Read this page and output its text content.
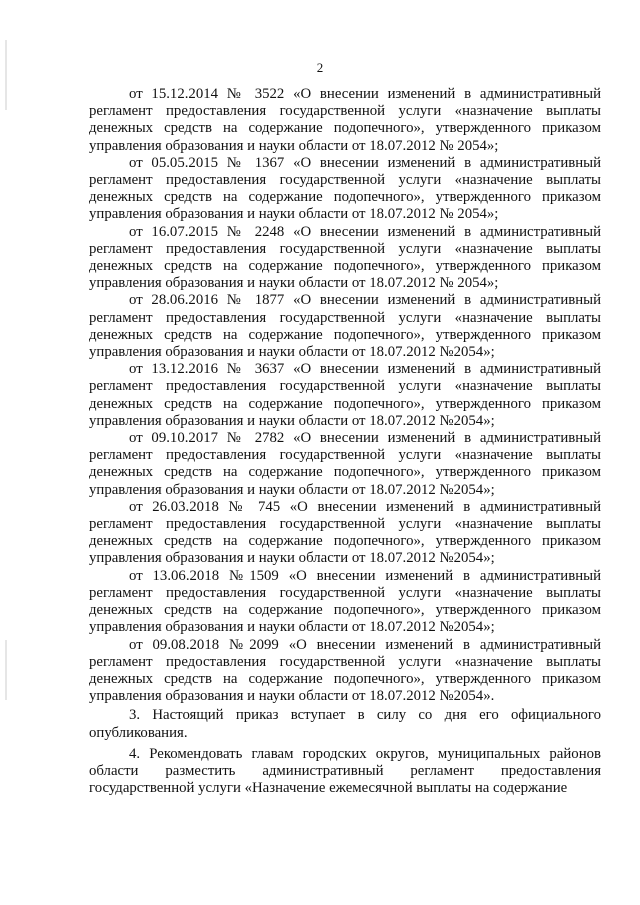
2

от 15.12.2014 № 3522 «О внесении изменений в административный регламент предоставления государственной услуги «назначение выплаты денежных средств на содержание подопечного», утвержденного приказом управления образования и науки области от 18.07.2012 № 2054»;

от 05.05.2015 № 1367 «О внесении изменений в административный регламент предоставления государственной услуги «назначение выплаты денежных средств на содержание подопечного», утвержденного приказом управления образования и науки области от 18.07.2012 № 2054»;

от 16.07.2015 № 2248 «О внесении изменений в административный регламент предоставления государственной услуги «назначение выплаты денежных средств на содержание подопечного», утвержденного приказом управления образования и науки области от 18.07.2012 № 2054»;

от 28.06.2016 № 1877 «О внесении изменений в административный регламент предоставления государственной услуги «назначение выплаты денежных средств на содержание подопечного», утвержденного приказом управления образования и науки области от 18.07.2012 №2054»;

от 13.12.2016 № 3637 «О внесении изменений в административный регламент предоставления государственной услуги «назначение выплаты денежных средств на содержание подопечного», утвержденного приказом управления образования и науки области от 18.07.2012 №2054»;

от 09.10.2017 № 2782 «О внесении изменений в административный регламент предоставления государственной услуги «назначение выплаты денежных средств на содержание подопечного», утвержденного приказом управления образования и науки области от 18.07.2012 №2054»;

от 26.03.2018 № 745 «О внесении изменений в административный регламент предоставления государственной услуги «назначение выплаты денежных средств на содержание подопечного», утвержденного приказом управления образования и науки области от 18.07.2012 №2054»;

от 13.06.2018 №1509 «О внесении изменений в административный регламент предоставления государственной услуги «назначение выплаты денежных средств на содержание подопечного», утвержденного приказом управления образования и науки области от 18.07.2012 №2054»;

от 09.08.2018 №2099 «О внесении изменений в административный регламент предоставления государственной услуги «назначение выплаты денежных средств на содержание подопечного», утвержденного приказом управления образования и науки области от 18.07.2012 №2054».

3. Настоящий приказ вступает в силу со дня его официального опубликования.

4. Рекомендовать главам городских округов, муниципальных районов области разместить административный регламент предоставления государственной услуги «Назначение ежемесячной выплаты на содержание
